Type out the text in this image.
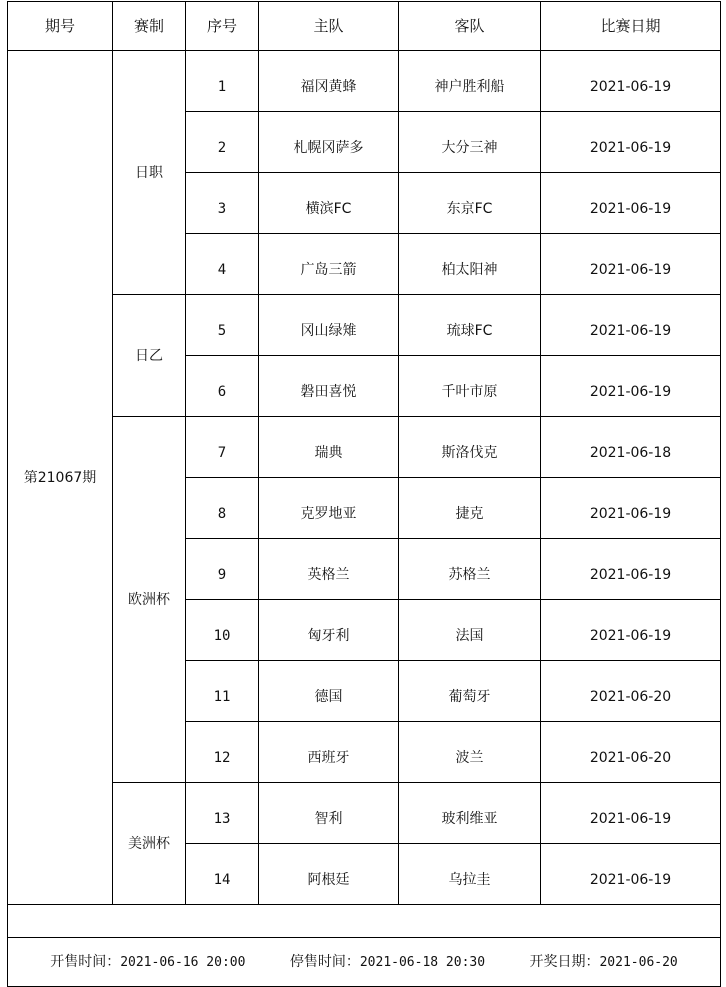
期号	赛制	序号	主队	客队	比赛日期
第21067期	日职	1	福冈黄蜂	神户胜利船	2021-06-19
		2	札幌冈萨多	大分三神	2021-06-19
		3	横滨FC	东京FC	2021-06-19
		4	广岛三箭	柏太阳神	2021-06-19
	日乙	5	冈山绿雉	琉球FC	2021-06-19
		6	磐田喜悦	千叶市原	2021-06-19
	欧洲杯	7	瑞典	斯洛伐克	2021-06-18
		8	克罗地亚	捷克	2021-06-19
		9	英格兰	苏格兰	2021-06-19
		10	匈牙利	法国	2021-06-19
		11	德国	葡萄牙	2021-06-20
		12	西班牙	波兰	2021-06-20
	美洲杯	13	智利	玻利维亚	2021-06-19
		14	阿根廷	乌拉圭	2021-06-19

开售时间：2021-06-16 20:00 停售时间：2021-06-18 20:30 开奖日期：2021-06-20					
